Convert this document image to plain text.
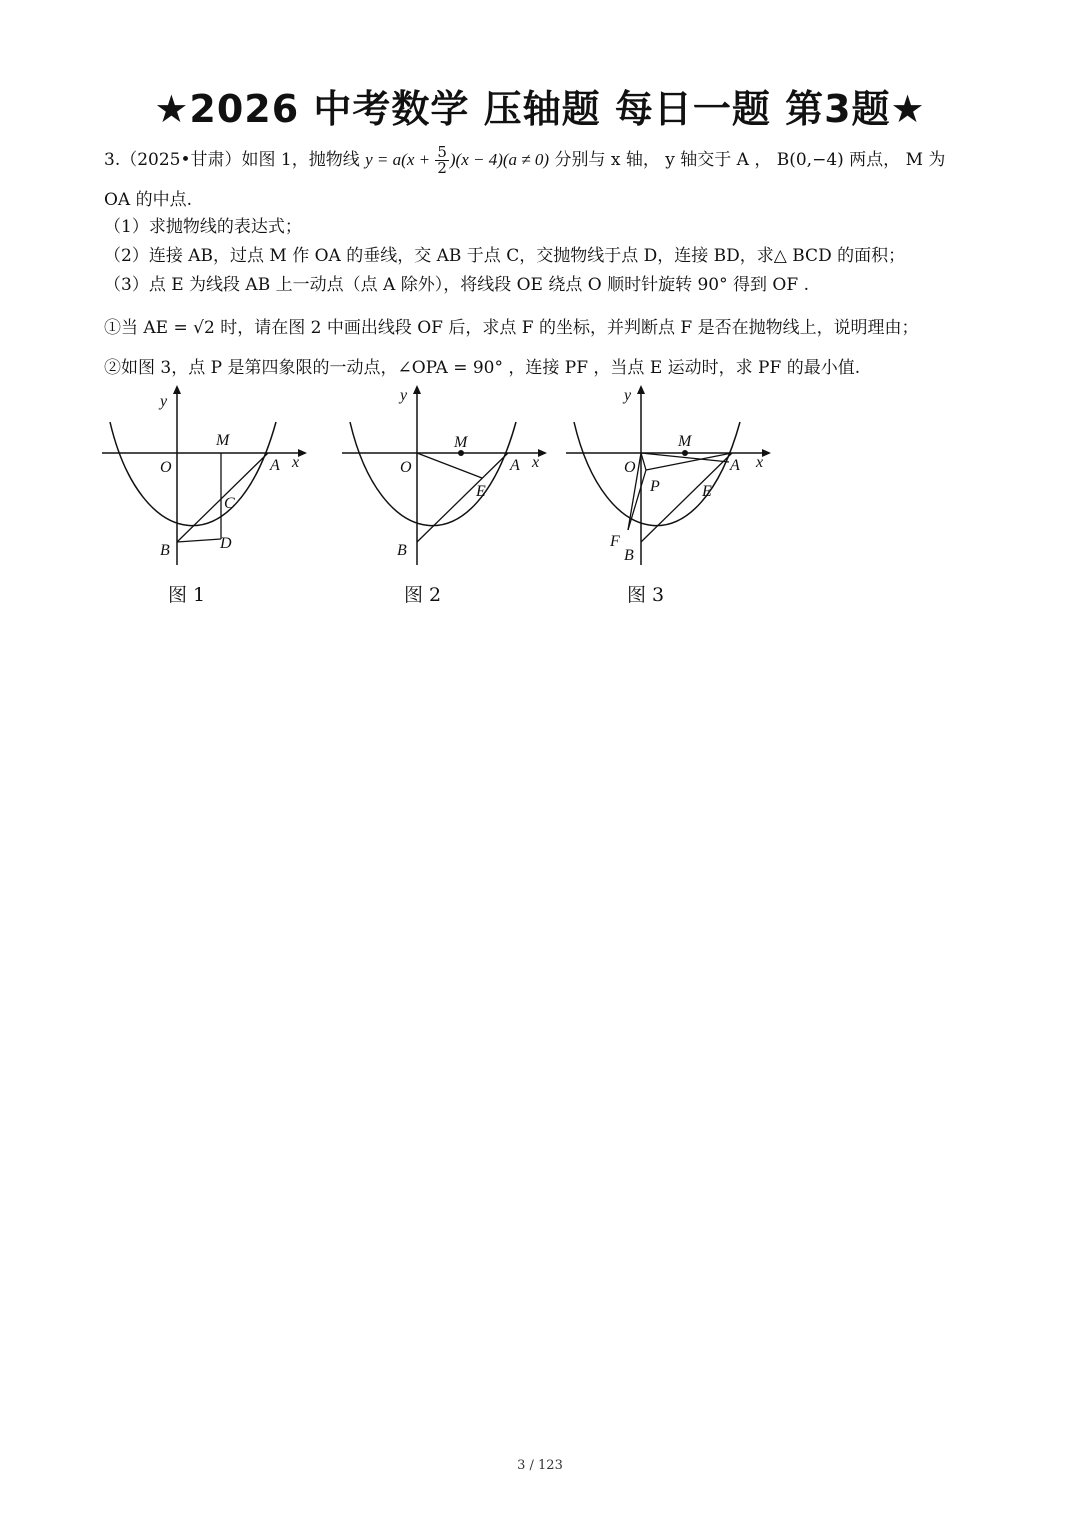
★2026 中考数学 压轴题 每日一题 第3题★
3.（2025•甘肃）如图 1，抛物线 $y = a(x + \frac{5}{2} )(x - 4)(a \ne 0)$ 分别与 x 轴， y 轴交于 A ， B(0,−4) 两点， M 为
OA 的中点.
（1）求抛物线的表达式；
（2）连接 AB，过点 M 作 OA 的垂线，交 AB 于点 C，交抛物线于点 D，连接 BD，求△ BCD 的面积；
（3）点 E 为线段 AB 上一动点（点 A 除外），将线段 OE 绕点 O 顺时针旋转 90° 得到 OF .
①当 AE = √2 时，请在图 2 中画出线段 OF 后，求点 F 的坐标，并判断点 F 是否在抛物线上，说明理由；
②如图 3，点 P 是第四象限的一动点，∠OPA = 90° ，连接 PF ，当点 E 运动时，求 PF 的最小值.
y
x
O
M
A
B
C
D
图 1
y
x
O
M
A
B
E
图 2
y
x
O
M
A
B
E
P
F
图 3
3 / 123
